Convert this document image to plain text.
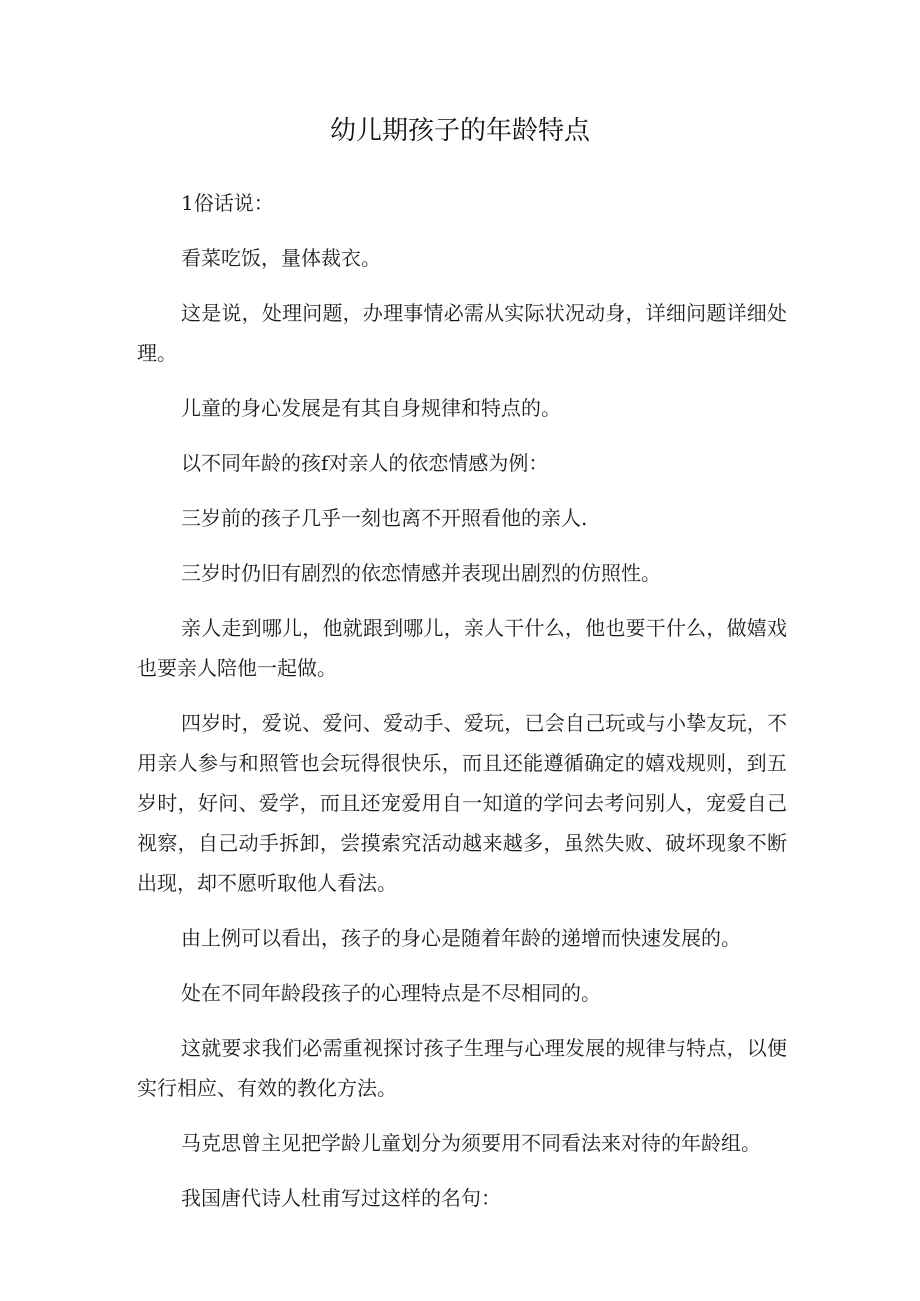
幼儿期孩子的年龄特点

1俗话说：

看菜吃饭，量体裁衣。

这是说，处理问题，办理事情必需从实际状况动身，详细问题详细处理。

儿童的身心发展是有其自身规律和特点的。

以不同年龄的孩f对亲人的依恋情感为例：

三岁前的孩子几乎一刻也离不开照看他的亲人.

三岁时仍旧有剧烈的依恋情感并表现出剧烈的仿照性。

亲人走到哪儿，他就跟到哪儿，亲人干什么，他也要干什么，做嬉戏也要亲人陪他一起做。

四岁时，爱说、爱问、爱动手、爱玩，已会自己玩或与小挚友玩，不用亲人参与和照管也会玩得很快乐，而且还能遵循确定的嬉戏规则，到五岁时，好问、爱学，而且还宠爱用自一知道的学问去考问别人，宠爱自己视察，自己动手拆卸，尝摸索究活动越来越多，虽然失败、破坏现象不断出现，却不愿听取他人看法。

由上例可以看出，孩子的身心是随着年龄的递增而快速发展的。

处在不同年龄段孩子的心理特点是不尽相同的。

这就要求我们必需重视探讨孩子生理与心理发展的规律与特点，以便实行相应、有效的教化方法。

马克思曾主见把学龄儿童划分为须要用不同看法来对待的年龄组。

我国唐代诗人杜甫写过这样的名句：
